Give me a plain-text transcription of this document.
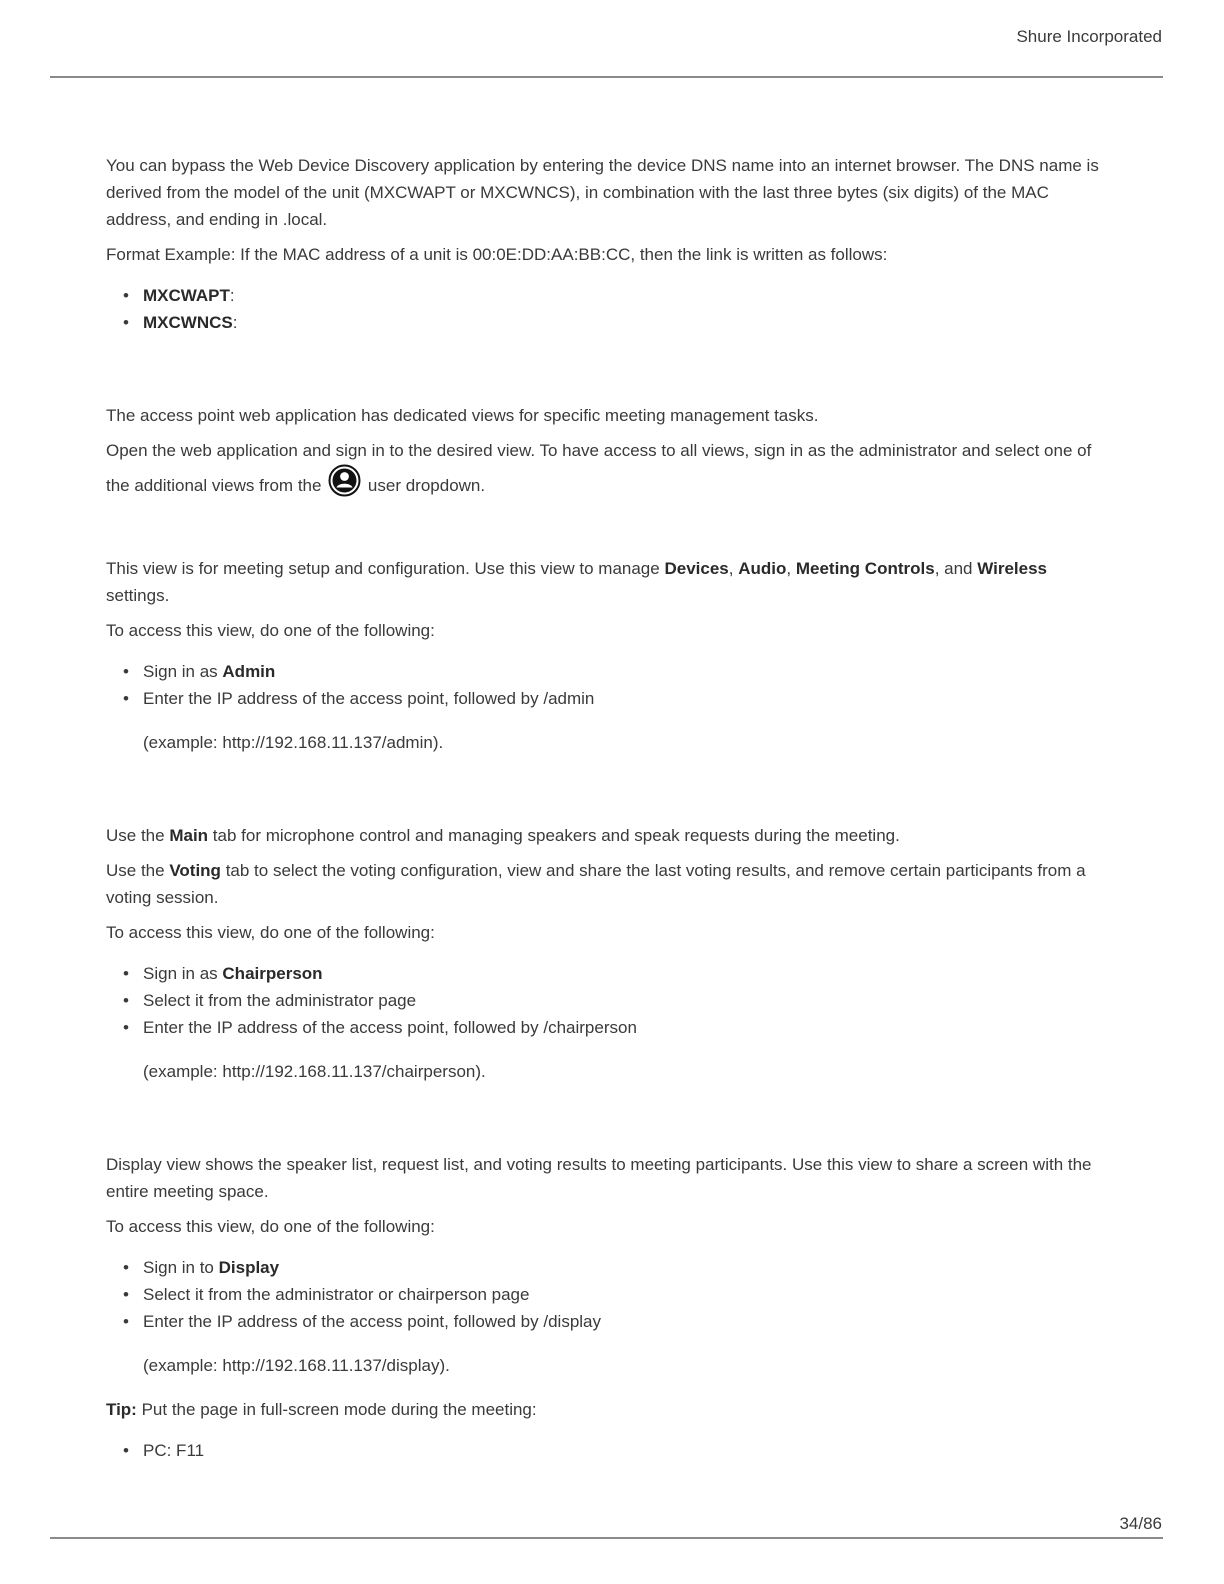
Shure Incorporated

You can bypass the Web Device Discovery application by entering the device DNS name into an internet browser. The DNS name is derived from the model of the unit (MXCWAPT or MXCWNCS), in combination with the last three bytes (six digits) of the MAC address, and ending in .local.

Format Example: If the MAC address of a unit is 00:0E:DD:AA:BB:CC, then the link is written as follows:

• MXCWAPT:
• MXCWNCS:

The access point web application has dedicated views for specific meeting management tasks.

Open the web application and sign in to the desired view. To have access to all views, sign in as the administrator and select one of the additional views from the	user dropdown.

This view is for meeting setup and configuration. Use this view to manage Devices, Audio, Meeting Controls, and Wireless settings.

To access this view, do one of the following:

• Sign in as Admin
• Enter the IP address of the access point, followed by /admin
(example: http://192.168.11.137/admin).

Use the Main tab for microphone control and managing speakers and speak requests during the meeting.

Use the Voting tab to select the voting configuration, view and share the last voting results, and remove certain participants from a voting session.

To access this view, do one of the following:

• Sign in as Chairperson
• Select it from the administrator page
• Enter the IP address of the access point, followed by /chairperson
(example: http://192.168.11.137/chairperson).

Display view shows the speaker list, request list, and voting results to meeting participants. Use this view to share a screen with the entire meeting space.

To access this view, do one of the following:

• Sign in to Display
• Select it from the administrator or chairperson page
• Enter the IP address of the access point, followed by /display
(example: http://192.168.11.137/display).

Tip: Put the page in full-screen mode during the meeting:

• PC: F11
34/86
